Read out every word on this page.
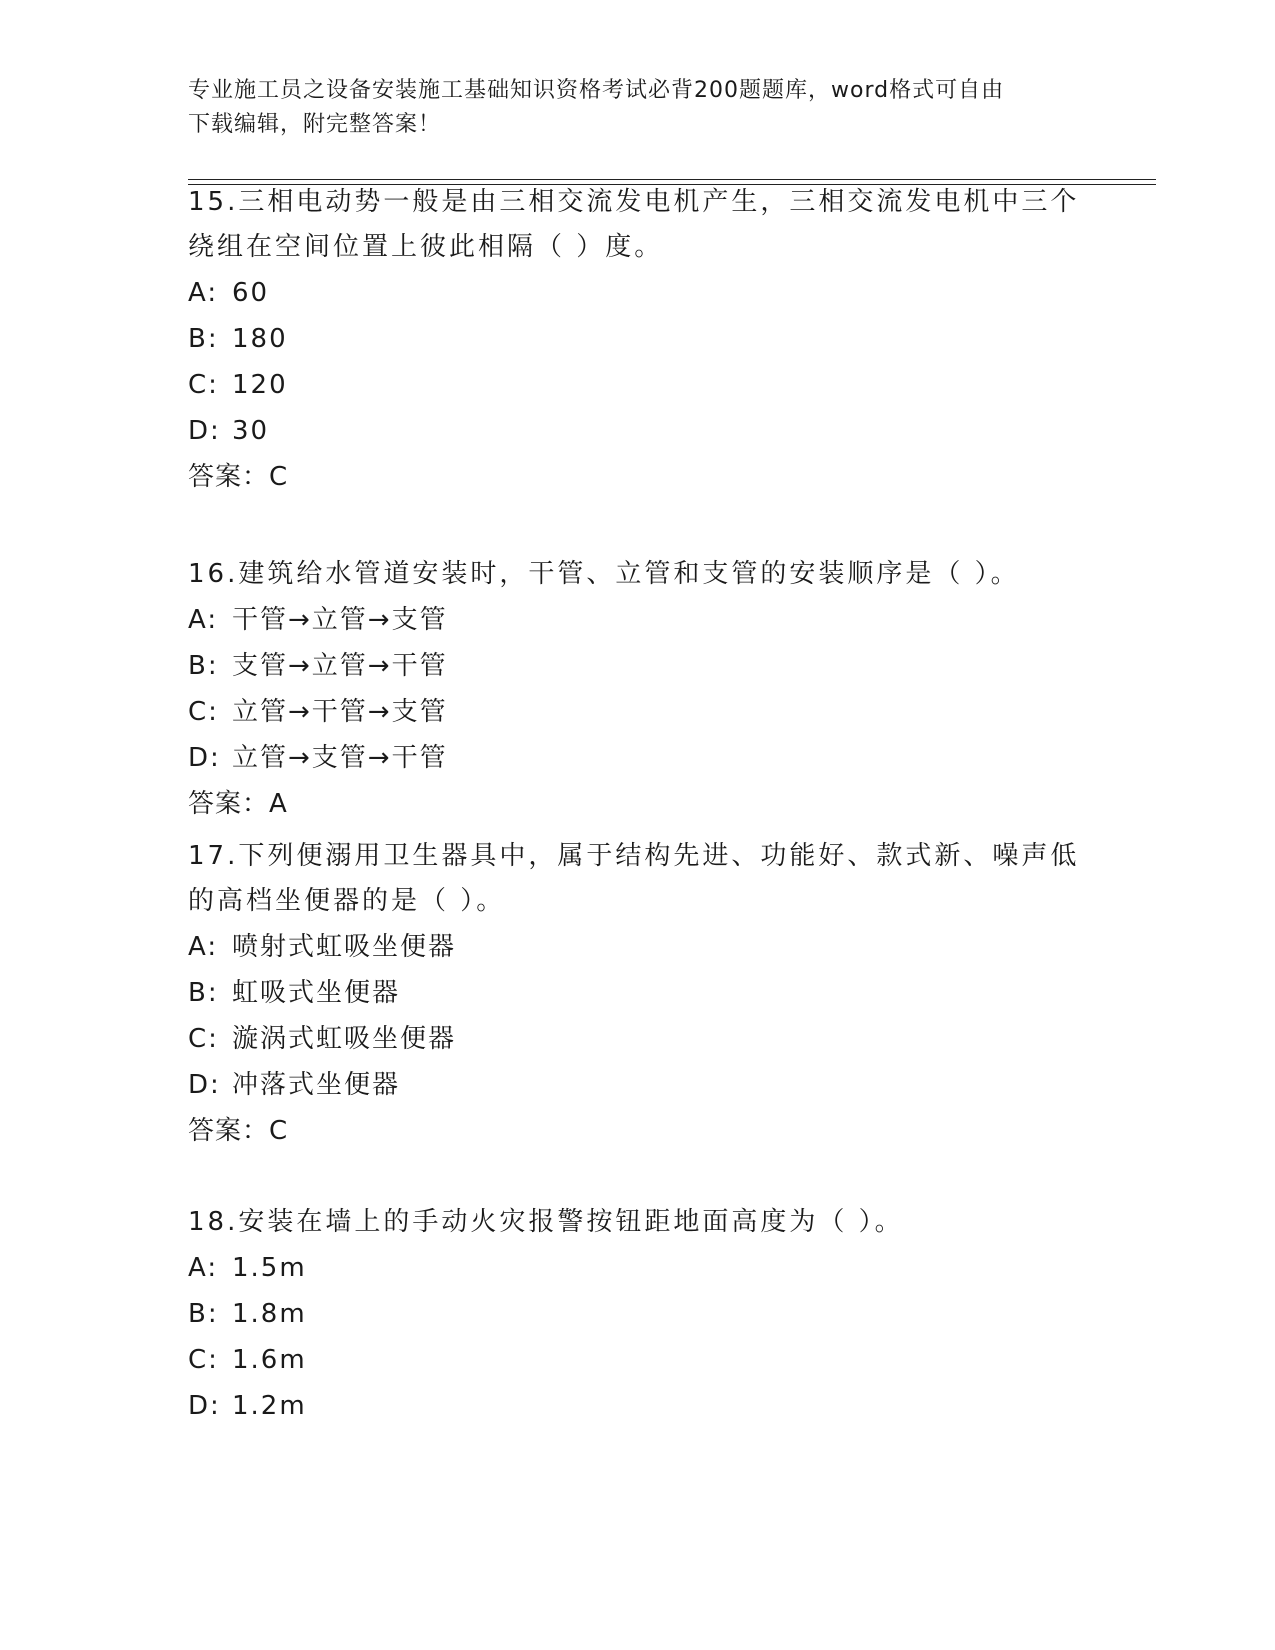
专业施工员之设备安装施工基础知识资格考试必背200题题库，word格式可自由
下载编辑，附完整答案！

15.三相电动势一般是由三相交流发电机产生，三相交流发电机中三个
绕组在空间位置上彼此相隔（ ）度。

A: 60

B: 180

C: 120

D: 30

答案：C

16.建筑给水管道安装时，干管、立管和支管的安装顺序是（ ）。

A: 干管→立管→支管

B: 支管→立管→干管

C: 立管→干管→支管

D: 立管→支管→干管

答案：A

17.下列便溺用卫生器具中，属于结构先进、功能好、款式新、噪声低
的高档坐便器的是（ ）。

A: 喷射式虹吸坐便器

B: 虹吸式坐便器

C: 漩涡式虹吸坐便器

D: 冲落式坐便器

答案：C

18.安装在墙上的手动火灾报警按钮距地面高度为（ ）。

A: 1.5m

B: 1.8m

C: 1.6m

D: 1.2m
